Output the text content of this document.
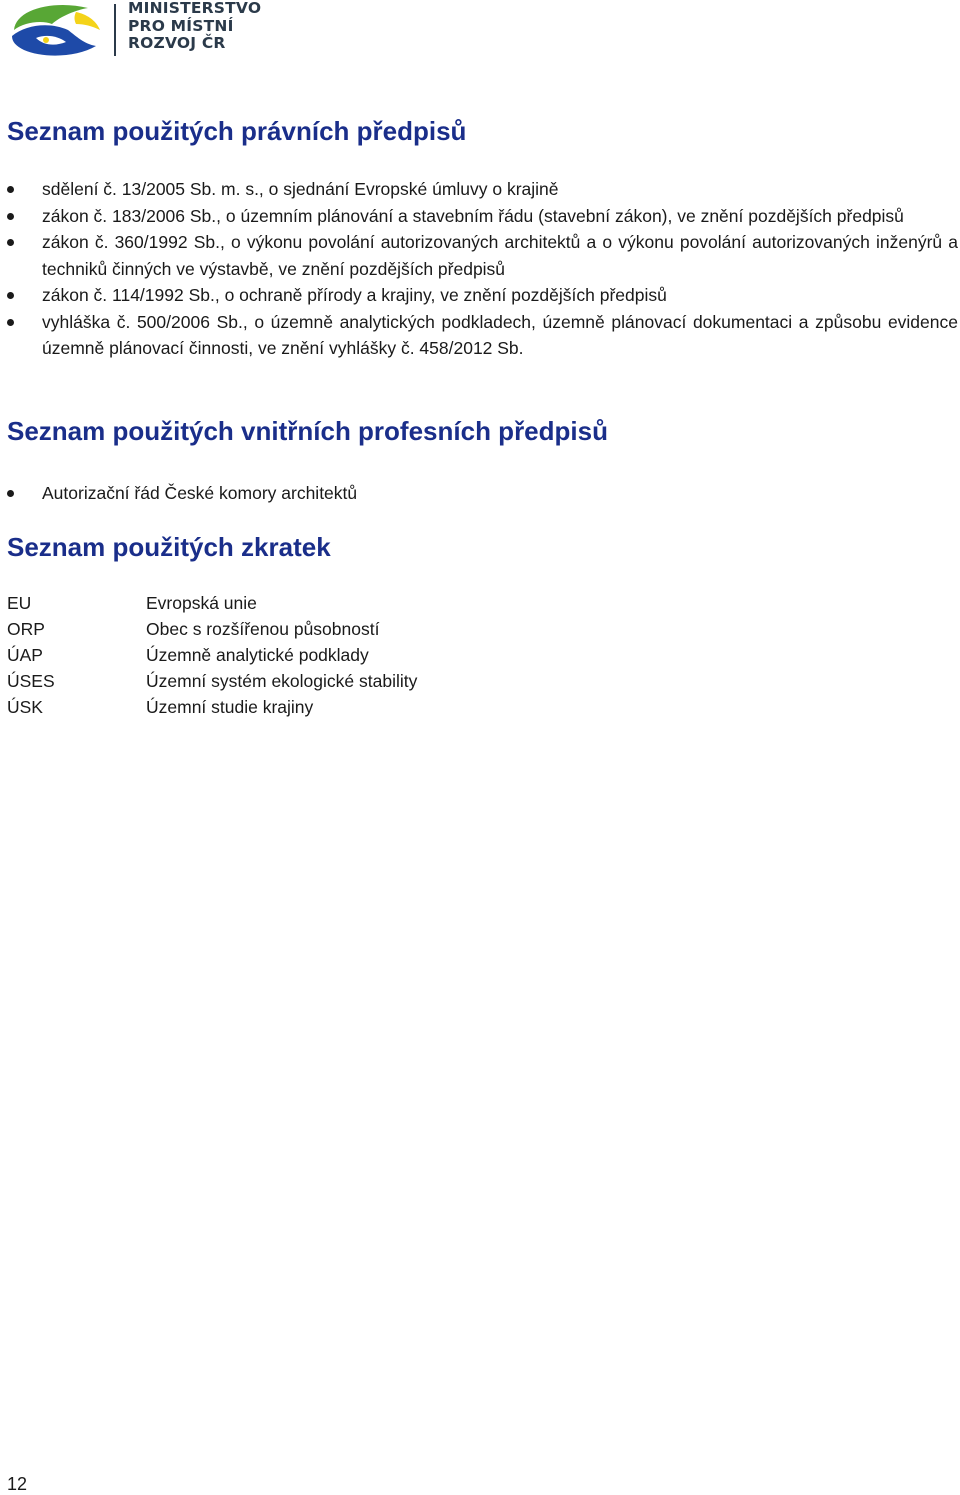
MINISTERSTVO
PRO MÍSTNÍ
ROZVOJ ČR
Seznam použitých právních předpisů
sdělení č. 13/2005 Sb. m. s., o sjednání Evropské úmluvy o krajině
zákon č. 183/2006 Sb., o územním plánování a stavebním řádu (stavební zákon), ve znění pozdějších předpisů
zákon č. 360/1992 Sb., o výkonu povolání autorizovaných architektů a o výkonu povolání autorizovaných inženýrů a techniků činných ve výstavbě, ve znění pozdějších předpisů
zákon č. 114/1992 Sb., o ochraně přírody a krajiny, ve znění pozdějších předpisů
vyhláška č. 500/2006 Sb., o územně analytických podkladech, územně plánovací dokumentaci a způsobu evidence územně plánovací činnosti, ve znění vyhlášky č. 458/2012 Sb.
Seznam použitých vnitřních profesních předpisů
Autorizační řád České komory architektů
Seznam použitých zkratek
EU	Evropská unie
ORP	Obec s rozšířenou působností
ÚAP	Územně analytické podklady
ÚSES	Územní systém ekologické stability
ÚSK	Územní studie krajiny
12
